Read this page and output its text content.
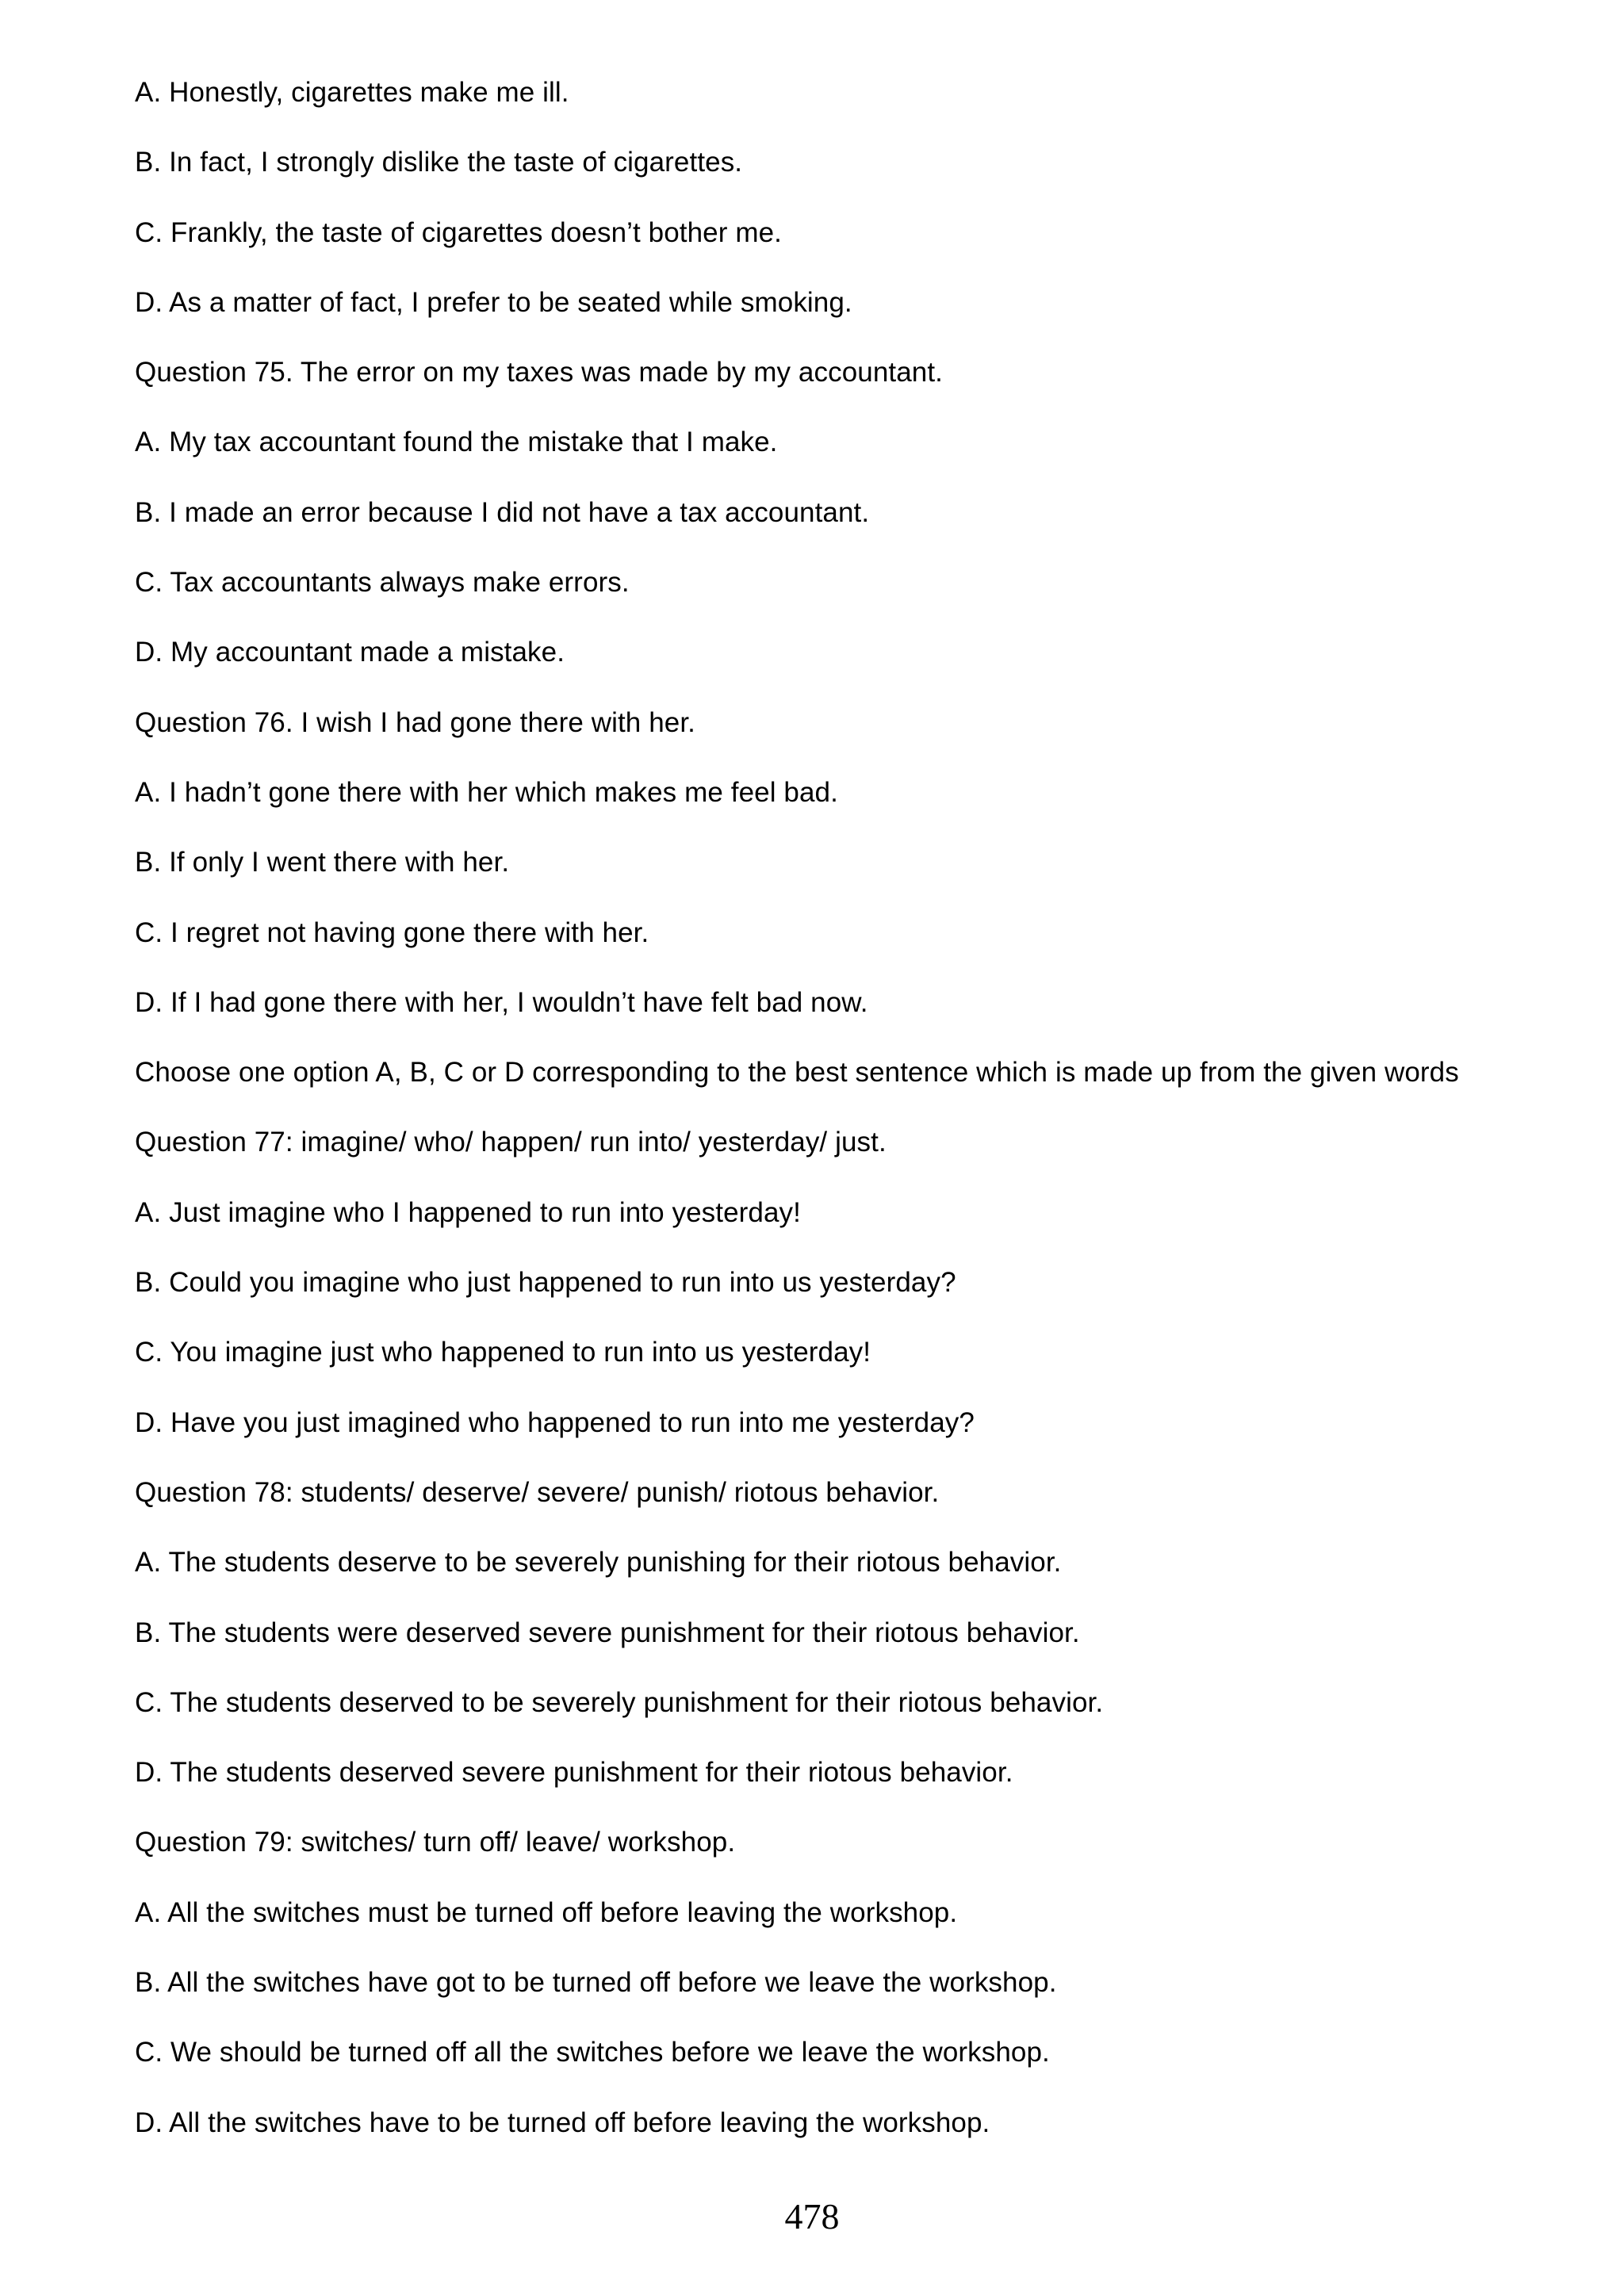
A. Honestly, cigarettes make me ill.
B. In fact, I strongly dislike the taste of cigarettes.
C. Frankly, the taste of cigarettes doesn’t bother me.
D. As a matter of fact, I prefer to be seated while smoking.
Question 75. The error on my taxes was made by my accountant.
A. My tax accountant found the mistake that I make.
B. I made an error because I did not have a tax accountant.
C. Tax accountants always make errors.
D. My accountant made a mistake.
Question 76. I wish I had gone there with her.
A. I hadn’t gone there with her which makes me feel bad.
B. If only I went there with her.
C. I regret not having gone there with her.
D. If I had gone there with her, I wouldn’t have felt bad now.
Choose one option A, B, C or D corresponding to the best sentence which is made up from the given words
Question 77: imagine/ who/ happen/ run into/ yesterday/ just.
A. Just imagine who I happened to run into yesterday!
B. Could you imagine who just happened to run into us yesterday?
C. You imagine just who happened to run into us yesterday!
D. Have you just imagined who happened to run into me yesterday?
Question 78: students/ deserve/ severe/ punish/ riotous behavior.
A. The students deserve to be severely punishing for their riotous behavior.
B. The students were deserved severe punishment for their riotous behavior.
C. The students deserved to be severely punishment for their riotous behavior.
D. The students deserved severe punishment for their riotous behavior.
Question 79: switches/ turn off/ leave/ workshop.
A. All the switches must be turned off before leaving the workshop.
B. All the switches have got to be turned off before we leave the workshop.
C. We should be turned off all the switches before we leave the workshop.
D. All the switches have to be turned off before leaving the workshop.
478
